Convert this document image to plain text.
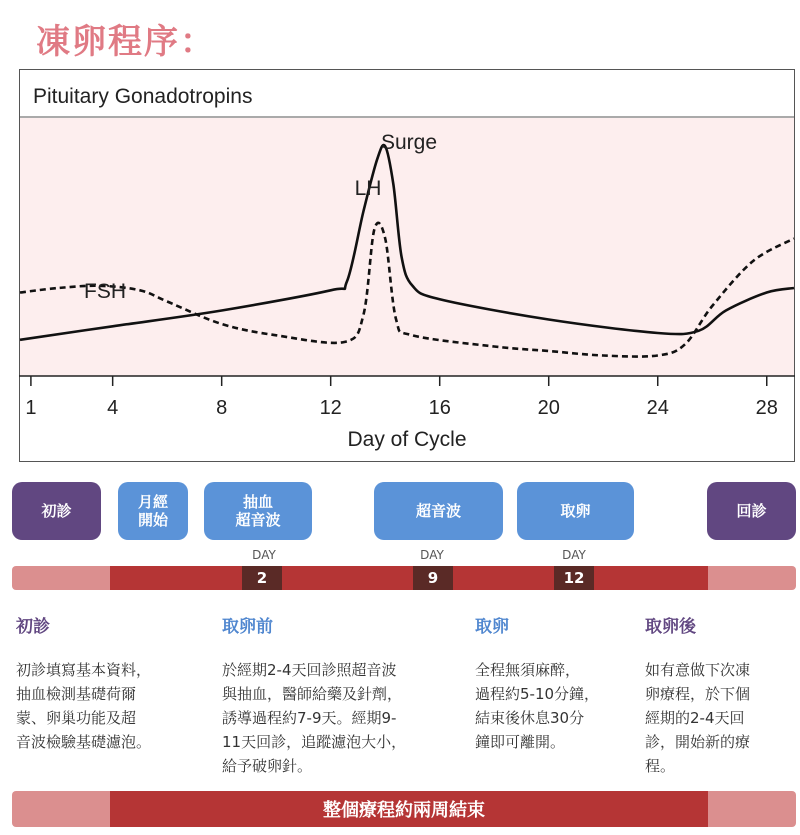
凍卵程序：
Pituitary Gonadotropins
Day of Cycle
1	4	8	12	16	20	24	28
Surge
LH
FSH
初診	月經
開始
抽血
超音波	超音波	取卵	回診
DAY	DAY	DAY
2	9	12
初診	取卵前	取卵	取卵後
初診填寫基本資料，
抽血檢測基礎荷爾
蒙、卵巢功能及超
音波檢驗基礎濾泡。
於經期2-4天回診照超音波
與抽血，醫師給藥及針劑，
誘導過程約7-9天。經期9-
11天回診，追蹤濾泡大小，
給予破卵針。
全程無須麻醉，
過程約5-10分鐘，
結束後休息30分
鐘即可離開。
如有意做下次凍
卵療程，於下個
經期的2-4天回
診，開始新的療
程。
整個療程約兩周結束
